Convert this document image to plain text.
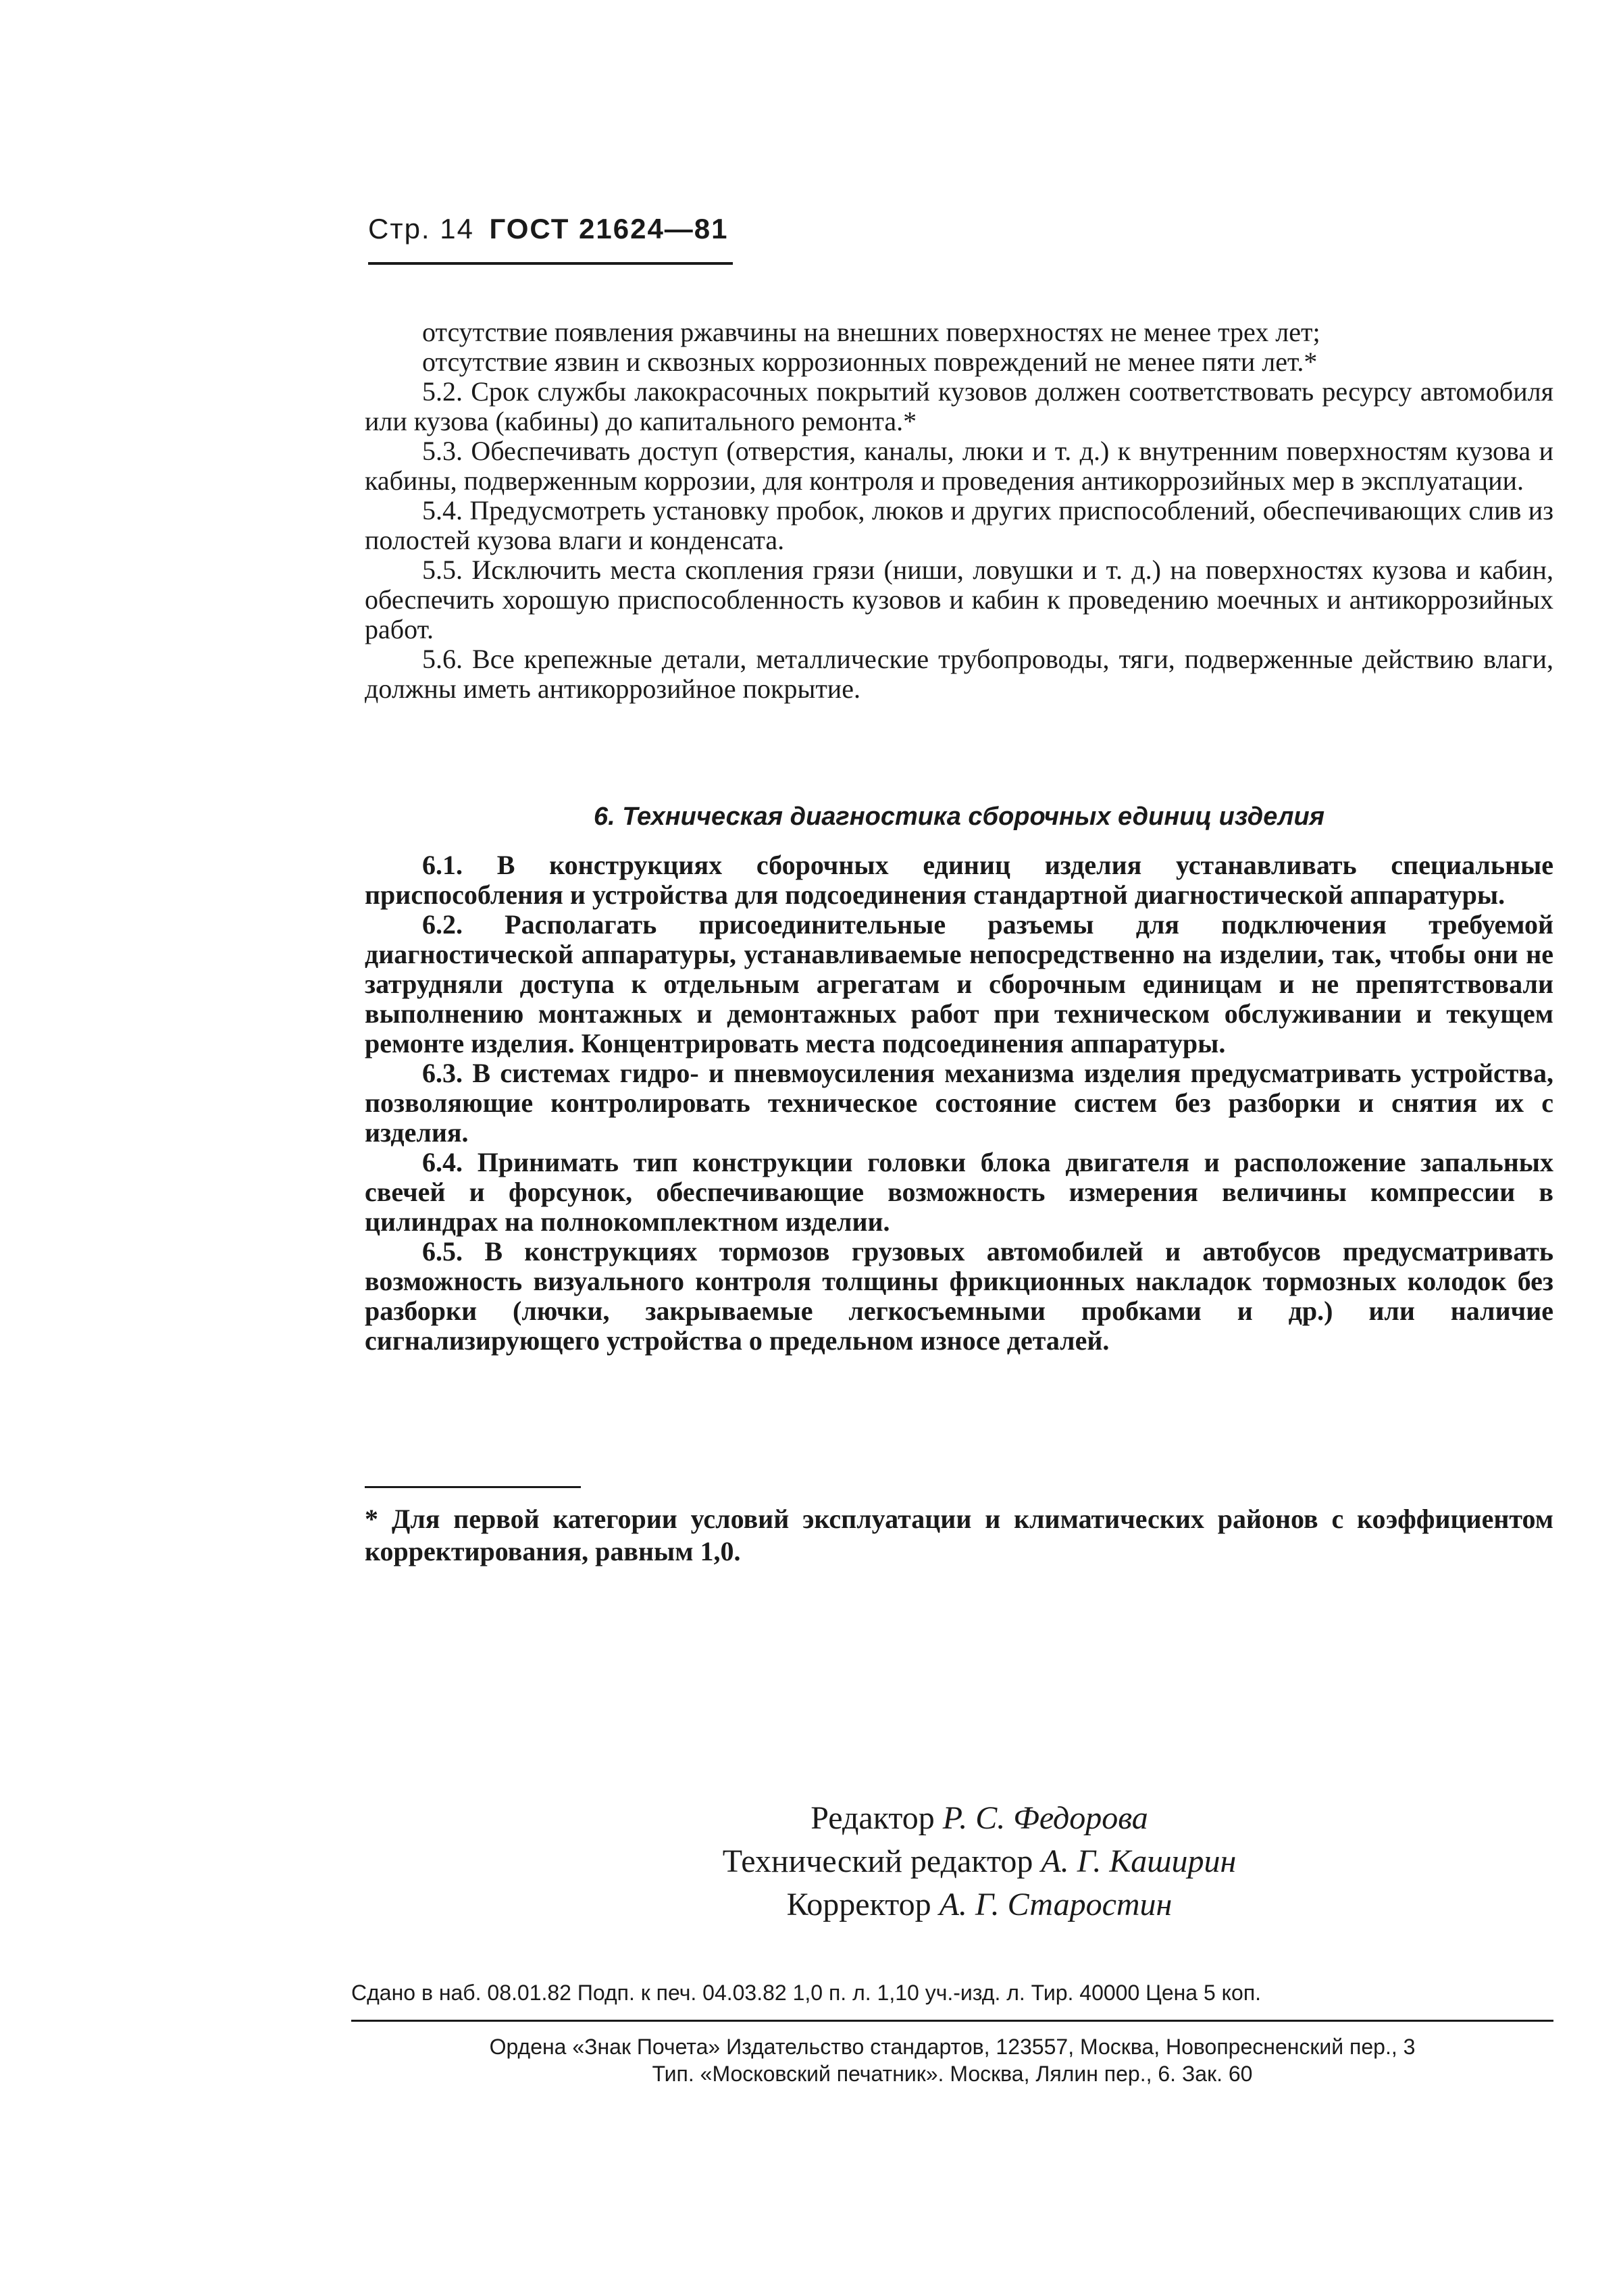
Стр. 14 ГОСТ 21624—81

отсутствие появления ржавчины на внешних поверхностях не менее трех лет;

отсутствие язвин и сквозных коррозионных повреждений не менее пяти лет.*

5.2. Срок службы лакокрасочных покрытий кузовов должен соответствовать ресурсу автомобиля или кузова (кабины) до капитального ремонта.*

5.3. Обеспечивать доступ (отверстия, каналы, люки и т. д.) к внутренним поверхностям кузова и кабины, подверженным коррозии, для контроля и проведения антикоррозийных мер в эксплуатации.

5.4. Предусмотреть установку пробок, люков и других приспособлений, обеспечивающих слив из полостей кузова влаги и конденсата.

5.5. Исключить места скопления грязи (ниши, ловушки и т. д.) на поверхностях кузова и кабин, обеспечить хорошую приспособленность кузовов и кабин к проведению моечных и антикоррозийных работ.

5.6. Все крепежные детали, металлические трубопроводы, тяги, подверженные действию влаги, должны иметь антикоррозийное покрытие.

6. Техническая диагностика сборочных единиц изделия

6.1. В конструкциях сборочных единиц изделия устанавливать специальные приспособления и устройства для подсоединения стандартной диагностической аппаратуры.

6.2. Располагать присоединительные разъемы для подключения требуемой диагностической аппаратуры, устанавливаемые непосредственно на изделии, так, чтобы они не затрудняли доступа к отдельным агрегатам и сборочным единицам и не препятствовали выполнению монтажных и демонтажных работ при техническом обслуживании и текущем ремонте изделия. Концентрировать места подсоединения аппаратуры.

6.3. В системах гидро- и пневмоусиления механизма изделия предусматривать устройства, позволяющие контролировать техническое состояние систем без разборки и снятия их с изделия.

6.4. Принимать тип конструкции головки блока двигателя и расположение запальных свечей и форсунок, обеспечивающие возможность измерения величины компрессии в цилиндрах на полнокомплектном изделии.

6.5. В конструкциях тормозов грузовых автомобилей и автобусов предусматривать возможность визуального контроля толщины фрикционных накладок тормозных колодок без разборки (лючки, закрываемые легкосъемными пробками и др.) или наличие сигнализирующего устройства о предельном износе деталей.

* Для первой категории условий эксплуатации и климатических районов с коэффициентом корректирования, равным 1,0.

Редактор Р. С. Федорова
Технический редактор А. Г. Каширин
Корректор А. Г. Старостин
Сдано в наб. 08.01.82 Подп. к печ. 04.03.82 1,0 п. л. 1,10 уч.-изд. л. Тир. 40000 Цена 5 коп.
Ордена «Знак Почета» Издательство стандартов, 123557, Москва, Новопресненский пер., 3
Тип. «Московский печатник». Москва, Лялин пер., 6. Зак. 60
